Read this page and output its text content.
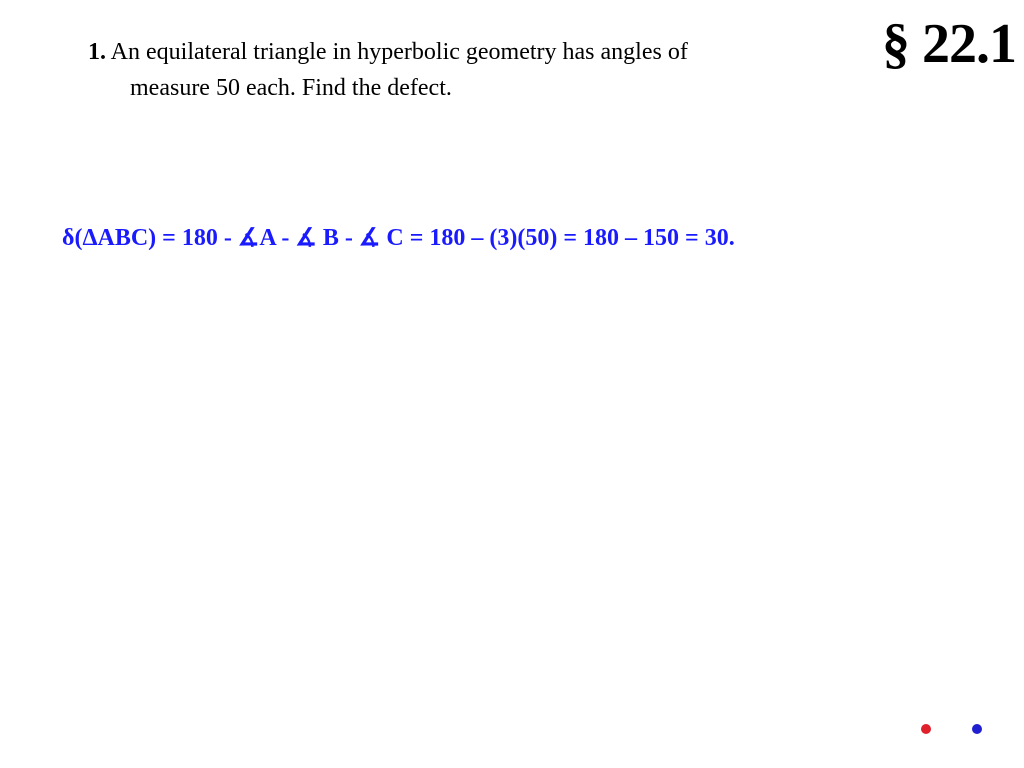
§ 22.1
1. An equilateral triangle in hyperbolic geometry has angles of
measure 50 each. Find the defect.
δ(ΔABC) = 180 - ∡A - ∡ B - ∡ C = 180 – (3)(50) = 180 – 150 = 30.
